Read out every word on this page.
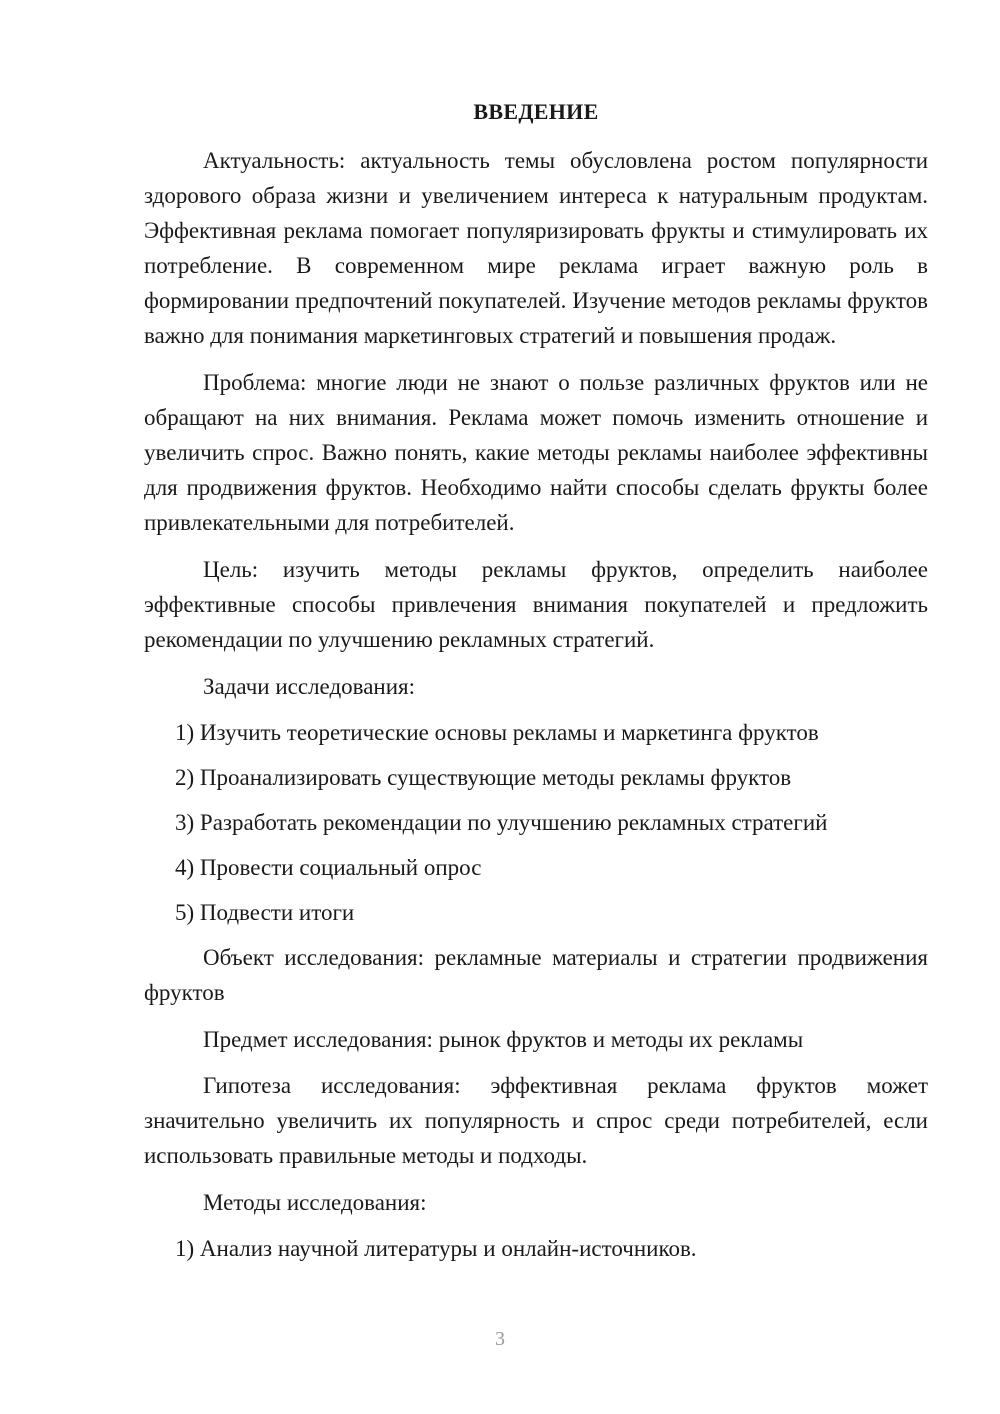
ВВЕДЕНИЕ

Актуальность: актуальность темы обусловлена ростом популярности здорового образа жизни и увеличением интереса к натуральным продуктам. Эффективная реклама помогает популяризировать фрукты и стимулировать их потребление. В современном мире реклама играет важную роль в формировании предпочтений покупателей. Изучение методов рекламы фруктов важно для понимания маркетинговых стратегий и повышения продаж.

Проблема: многие люди не знают о пользе различных фруктов или не обращают на них внимания. Реклама может помочь изменить отношение и увеличить спрос. Важно понять, какие методы рекламы наиболее эффективны для продвижения фруктов. Необходимо найти способы сделать фрукты более привлекательными для потребителей.

Цель: изучить методы рекламы фруктов, определить наиболее эффективные способы привлечения внимания покупателей и предложить рекомендации по улучшению рекламных стратегий.

Задачи исследования:

1) Изучить теоретические основы рекламы и маркетинга фруктов

2) Проанализировать существующие методы рекламы фруктов

3) Разработать рекомендации по улучшению рекламных стратегий

4) Провести социальный опрос

5) Подвести итоги

Объект исследования: рекламные материалы и стратегии продвижения фруктов

Предмет исследования: рынок фруктов и методы их рекламы

Гипотеза исследования: эффективная реклама фруктов может значительно увеличить их популярность и спрос среди потребителей, если использовать правильные методы и подходы.

Методы исследования:

1) Анализ научной литературы и онлайн-источников.

3
